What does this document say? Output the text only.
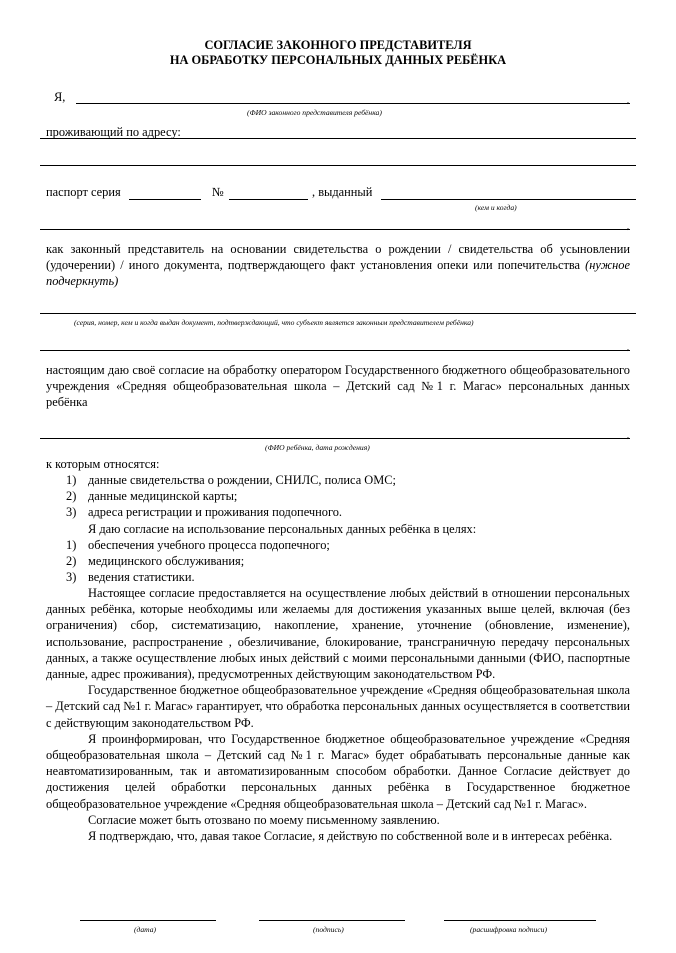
СОГЛАСИЕ ЗАКОННОГО ПРЕДСТАВИТЕЛЯ
НА ОБРАБОТКУ ПЕРСОНАЛЬНЫХ ДАННЫХ РЕБЁНКА
Я,	,
(ФИО законного представителя ребёнка)
проживающий по адресу:
паспорт серия	№	, выданный
(кем и когда)
,
как законный представитель на основании свидетельства о рождении / свидетельства об усыновлении (удочерении) / иного документа, подтверждающего факт установления опеки или попечительства (нужное подчеркнуть)
(серия, номер, кем и когда выдан документ, подтверждающий, что субъект является законным представителем ребёнка)
,
настоящим даю своё согласие на обработку оператором Государственного бюджетного общеобразовательного учреждения «Средняя общеобразовательная школа – Детский сад №1 г. Магас» персональных данных ребёнка
,
(ФИО ребёнка, дата рождения)
к которым относятся:
1) данные свидетельства о рождении, СНИЛС, полиса ОМС;
2) данные медицинской карты;
3) адреса регистрации и проживания подопечного.
Я даю согласие на использование персональных данных ребёнка в целях:
1) обеспечения учебного процесса подопечного;
2) медицинского обслуживания;
3) ведения статистики.
Настоящее согласие предоставляется на осуществление любых действий в отношении персональных данных ребёнка, которые необходимы или желаемы для достижения указанных выше целей, включая (без ограничения) сбор, систематизацию, накопление, хранение, уточнение (обновление, изменение), использование, распространение , обезличивание, блокирование, трансграничную передачу персональных данных, а также осуществление любых иных действий с моими персональными данными (ФИО, паспортные данные, адрес проживания), предусмотренных действующим законодательством РФ.
Государственное бюджетное общеобразовательное учреждение «Средняя общеобразовательная школа – Детский сад №1 г. Магас» гарантирует, что обработка персональных данных осуществляется в соответствии с действующим законодательством РФ.
Я проинформирован, что Государственное бюджетное общеобразовательное учреждение «Средняя общеобразовательная школа – Детский сад №1 г. Магас» будет обрабатывать персональные данные как неавтоматизированным, так и автоматизированным способом обработки. Данное Согласие действует до достижения целей обработки персональных данных ребёнка в Государственное бюджетное общеобразовательное учреждение «Средняя общеобразовательная школа – Детский сад №1 г. Магас».
Согласие может быть отозвано по моему письменному заявлению.
Я подтверждаю, что, давая такое Согласие, я действую по собственной воле и в интересах ребёнка.
(дата)	(подпись)	(расшифровка подписи)
